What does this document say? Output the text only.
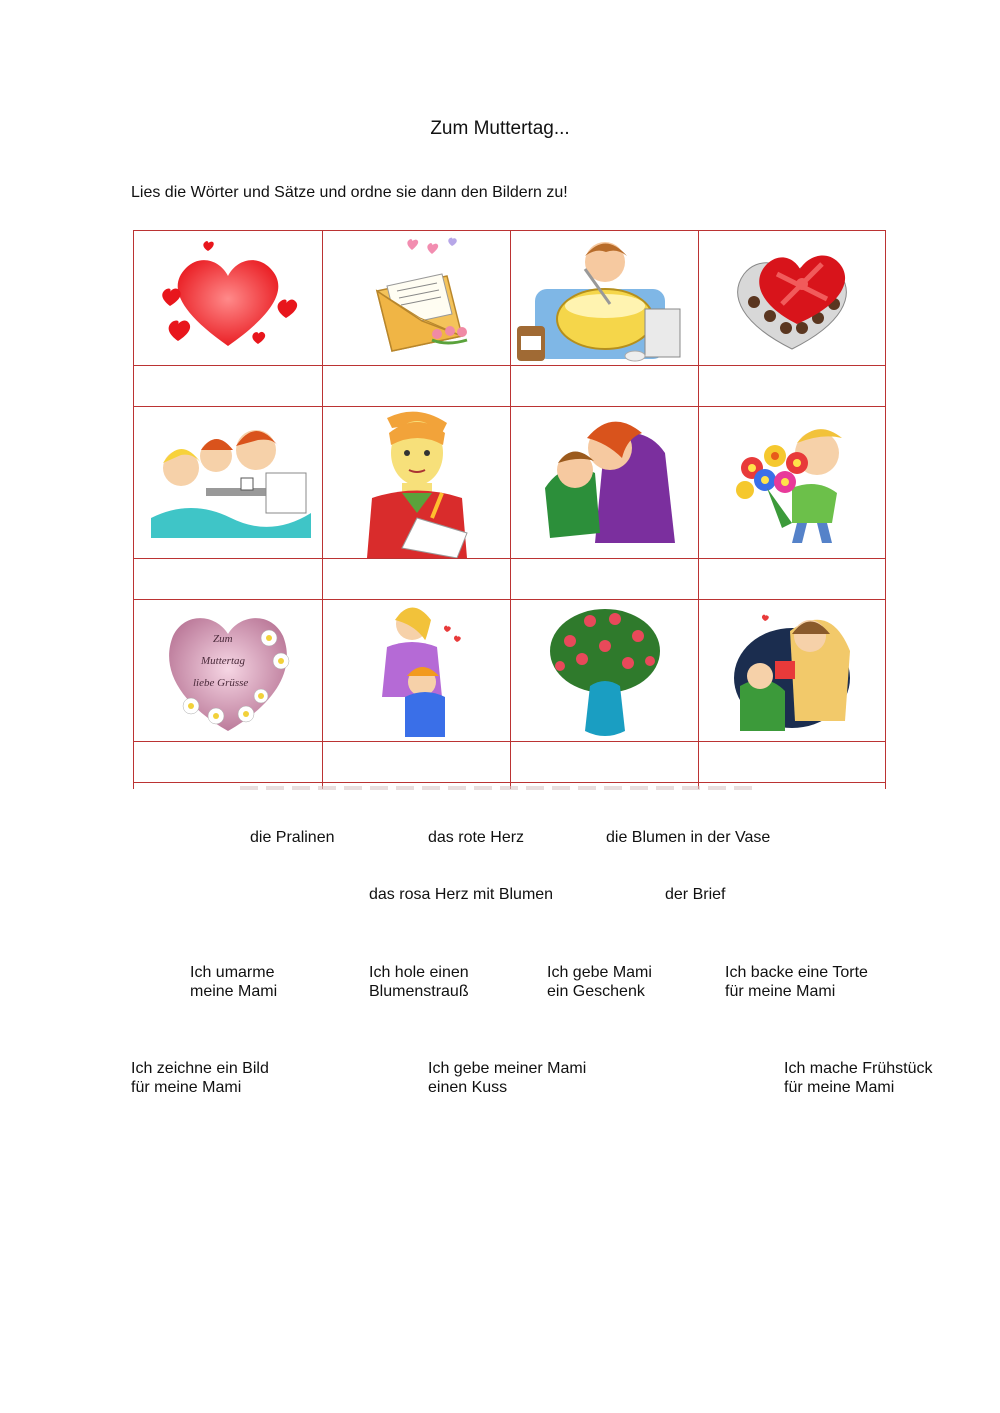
Zum Muttertag...
Lies die Wörter und Sätze und ordne sie dann den Bildern zu!
Zum
Muttertag
liebe Grüsse
die Pralinen	das rote Herz	die Blumen in der Vase
das rosa Herz mit Blumen	der Brief
Ich umarme
meine Mami
Ich hole einen
Blumenstrauß
Ich gebe Mami
ein Geschenk
Ich backe eine Torte
für meine Mami
Ich zeichne ein Bild
für meine Mami
Ich gebe meiner Mami
einen Kuss
Ich mache Frühstück
für meine Mami
